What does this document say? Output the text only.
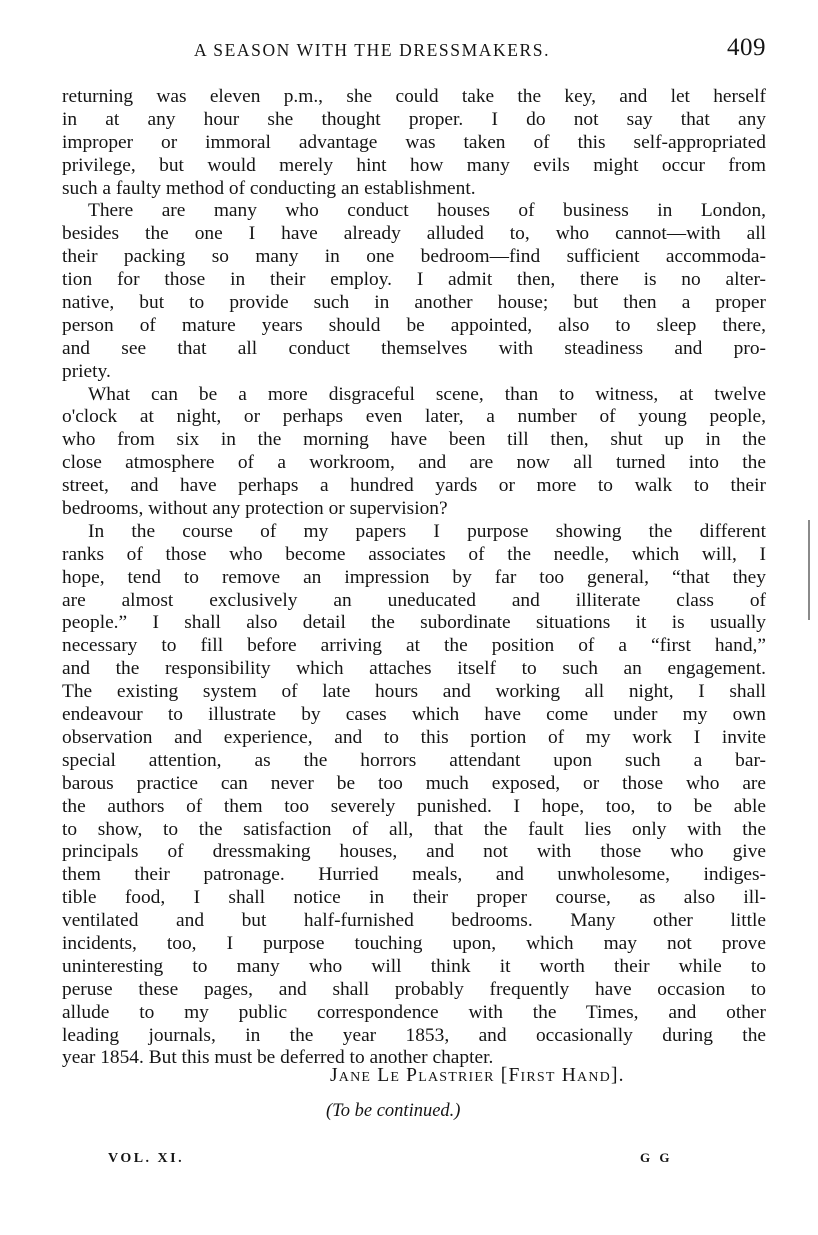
A SEASON WITH THE DRESSMAKERS.	409
returning was eleven p.m., she could take the key, and let herself
in at any hour she thought proper. I do not say that any
improper or immoral advantage was taken of this self-appropriated
privilege, but would merely hint how many evils might occur from
such a faulty method of conducting an establishment.
There are many who conduct houses of business in London,
besides the one I have already alluded to, who cannot—with all
their packing so many in one bedroom—find sufficient accommoda-
tion for those in their employ. I admit then, there is no alter-
native, but to provide such in another house; but then a proper
person of mature years should be appointed, also to sleep there,
and see that all conduct themselves with steadiness and pro-
priety.
What can be a more disgraceful scene, than to witness, at twelve
o'clock at night, or perhaps even later, a number of young people,
who from six in the morning have been till then, shut up in the
close atmosphere of a workroom, and are now all turned into the
street, and have perhaps a hundred yards or more to walk to their
bedrooms, without any protection or supervision?
In the course of my papers I purpose showing the different
ranks of those who become associates of the needle, which will, I
hope, tend to remove an impression by far too general, “that they
are almost exclusively an uneducated and illiterate class of
people.” I shall also detail the subordinate situations it is usually
necessary to fill before arriving at the position of a “first hand,”
and the responsibility which attaches itself to such an engagement.
The existing system of late hours and working all night, I shall
endeavour to illustrate by cases which have come under my own
observation and experience, and to this portion of my work I invite
special attention, as the horrors attendant upon such a bar-
barous practice can never be too much exposed, or those who are
the authors of them too severely punished. I hope, too, to be able
to show, to the satisfaction of all, that the fault lies only with the
principals of dressmaking houses, and not with those who give
them their patronage. Hurried meals, and unwholesome, indiges-
tible food, I shall notice in their proper course, as also ill-
ventilated and but half-furnished bedrooms. Many other little
incidents, too, I purpose touching upon, which may not prove
uninteresting to many who will think it worth their while to
peruse these pages, and shall probably frequently have occasion to
allude to my public correspondence with the Times, and other
leading journals, in the year 1853, and occasionally during the
year 1854. But this must be deferred to another chapter.
Jane Le Plastrier [First Hand].
(To be continued.)
VOL. XI.	G G
